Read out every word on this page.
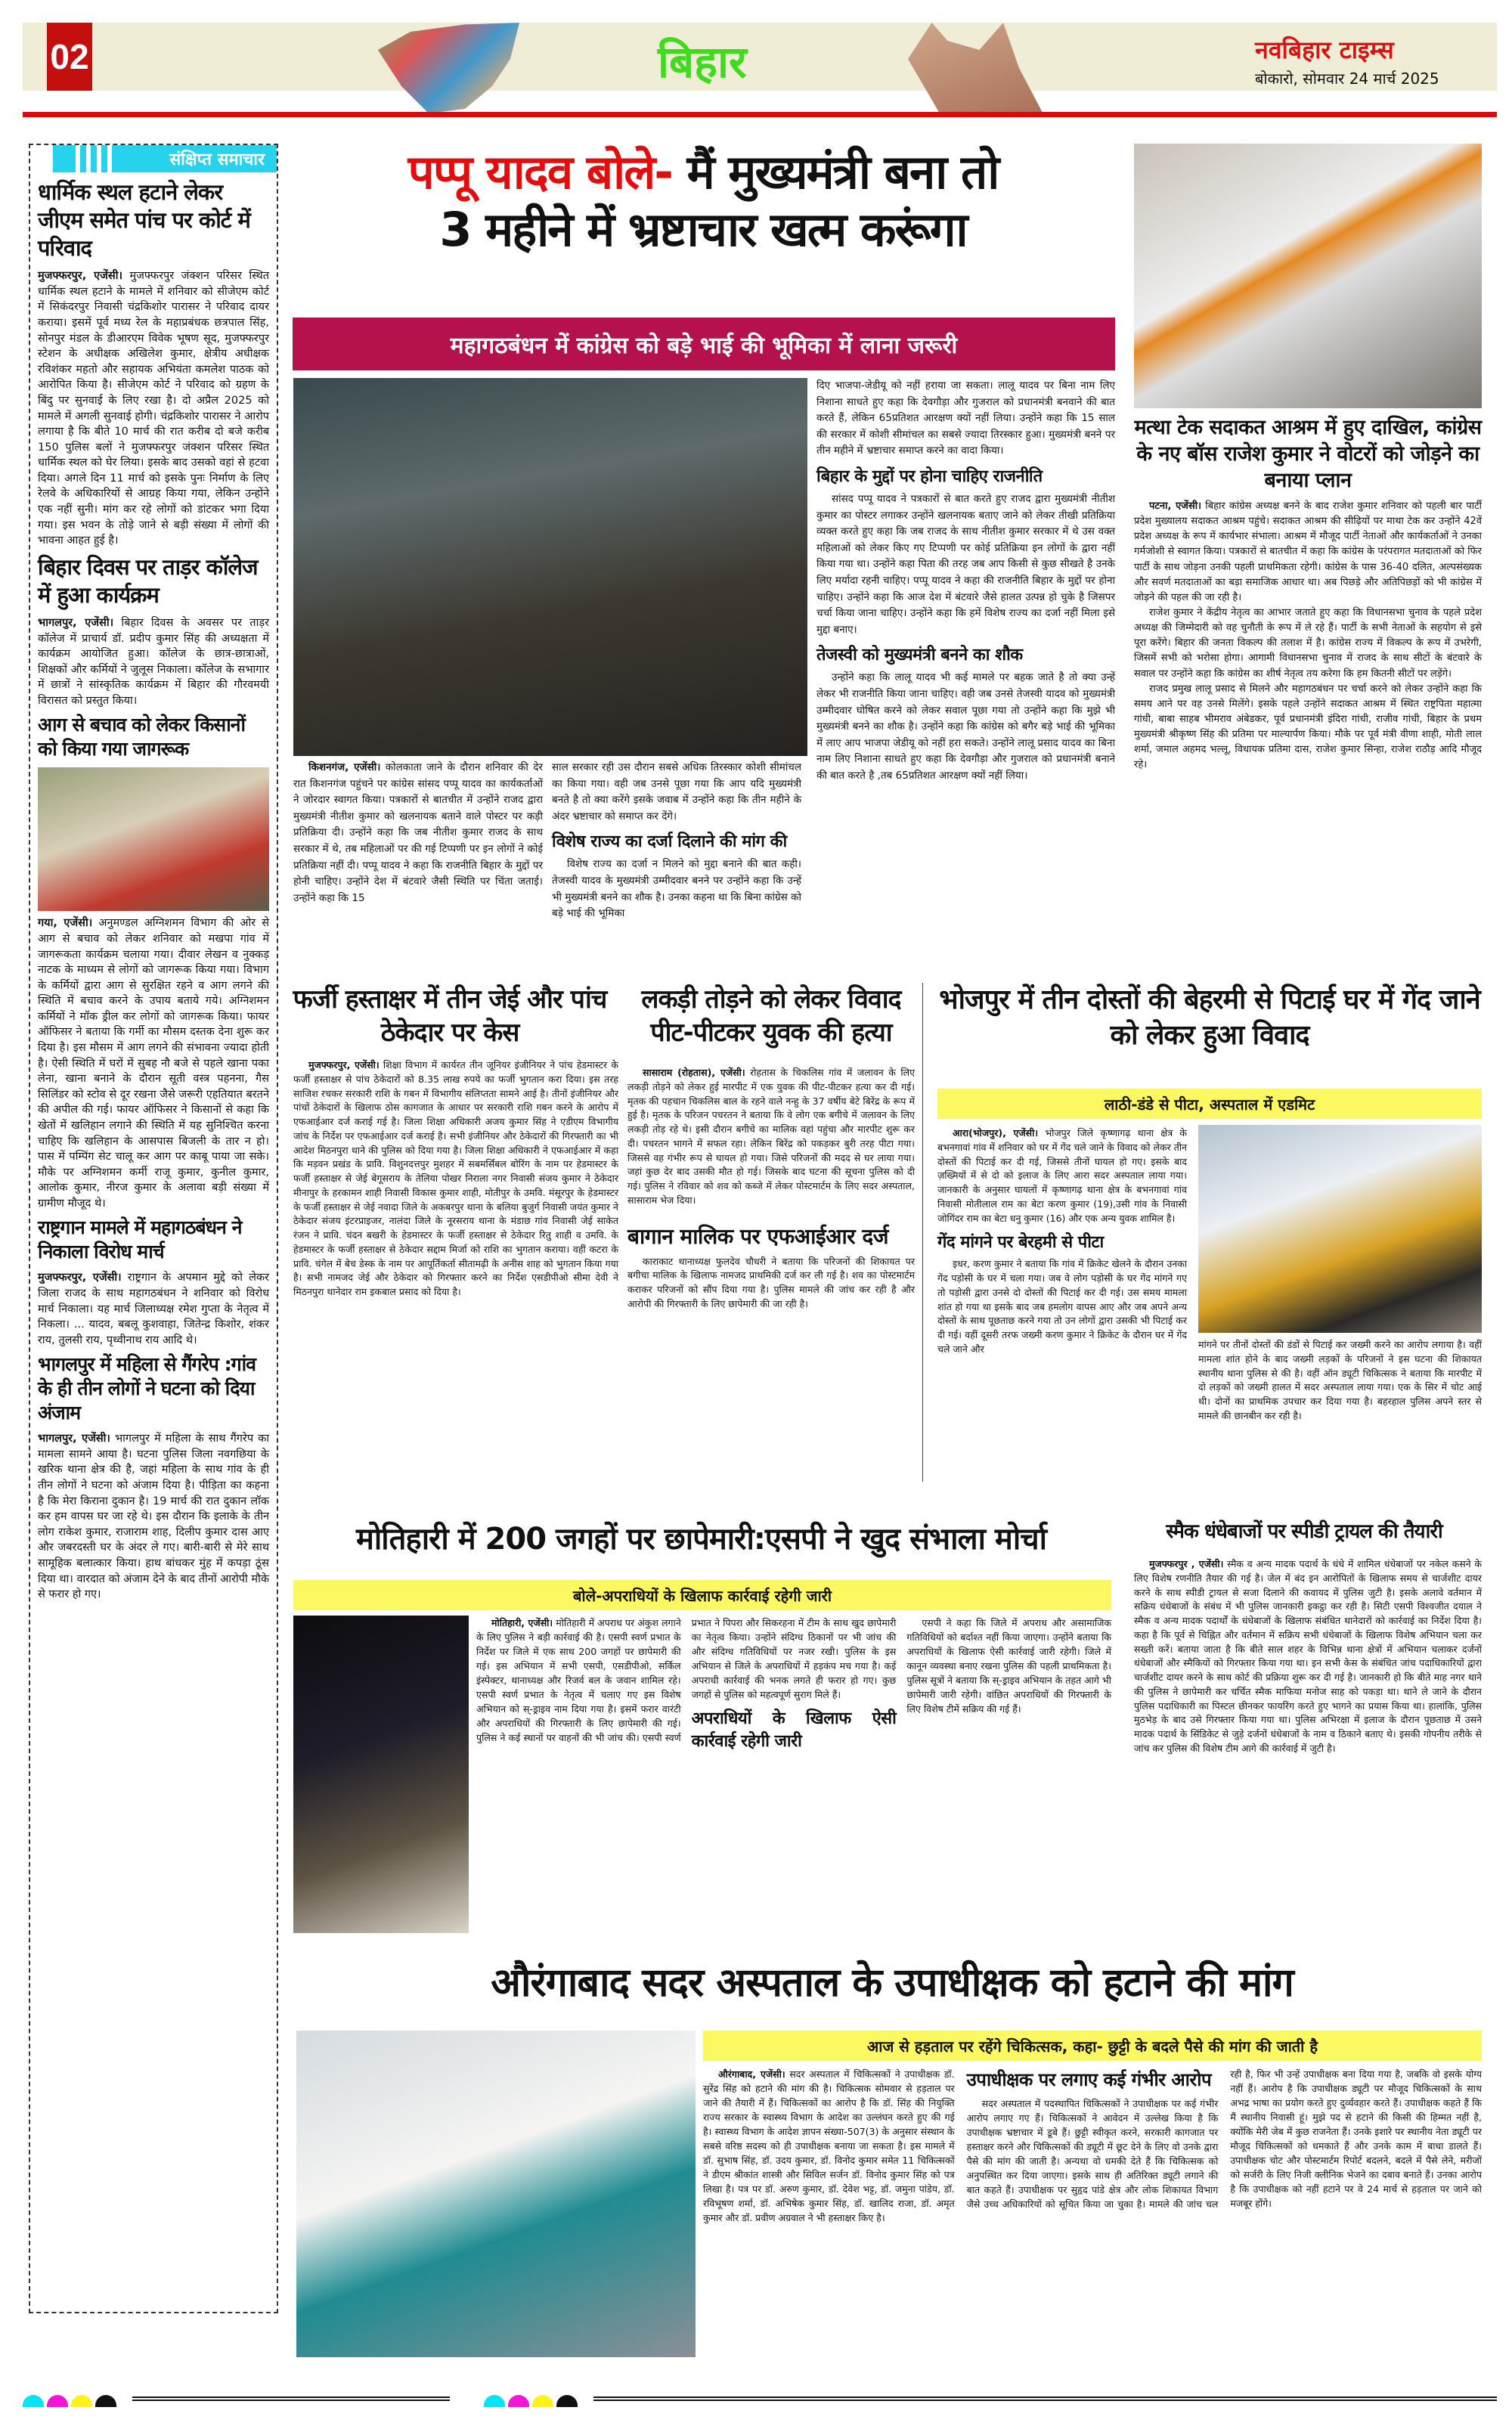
02	बिहार	नवबिहार टाइम्स
बोकारो, सोमवार 24 मार्च 2025
संक्षिप्त समाचार
धार्मिक स्थल हटाने लेकर जीएम समेत पांच पर कोर्ट में परिवाद

मुजफ्फरपुर, एजेंसी। मुजफ्फरपुर जंक्शन परिसर स्थित धार्मिक स्थल हटाने के मामले में शनिवार को सीजेएम कोर्ट में सिकंदरपुर निवासी चंद्रकिशोर पारासर ने परिवाद दायर कराया। इसमें पूर्व मध्य रेल के महाप्रबंधक छत्रपाल सिंह, सोनपुर मंडल के डीआरएम विवेक भूषण सूद, मुजफ्फरपुर स्टेशन के अधीक्षक अखिलेश कुमार, क्षेत्रीय अधीक्षक रविशंकर महतो और सहायक अभियंता कमलेश पाठक को आरोपित किया है। सीजेएम कोर्ट ने परिवाद को ग्रहण के बिंदु पर सुनवाई के लिए रखा है। दो अप्रैल 2025 को मामले में अगली सुनवाई होगी। चंद्रकिशोर पारासर ने आरोप लगाया है कि बीते 10 मार्च की रात करीब दो बजे करीब 150 पुलिस बलों ने मुजफ्फरपुर जंक्शन परिसर स्थित धार्मिक स्थल को घेर लिया। इसके बाद उसको वहां से हटवा दिया। अगले दिन 11 मार्च को इसके पुनः निर्माण के लिए रेलवे के अधिकारियों से आग्रह किया गया, लेकिन उन्होंने एक नहीं सुनी। मांग कर रहे लोगों को डांटकर भगा दिया गया। इस भवन के तोड़े जाने से बड़ी संख्या में लोगों की भावना आहत हुई है।

बिहार दिवस पर ताड़र कॉलेज में हुआ कार्यक्रम

भागलपुर, एजेंसी। बिहार दिवस के अवसर पर ताड़र कॉलेज में प्राचार्य डॉ. प्रदीप कुमार सिंह की अध्यक्षता में कार्यक्रम आयोजित हुआ। कॉलेज के छात्र-छात्राओं, शिक्षकों और कर्मियों ने जुलूस निकाला। कॉलेज के सभागार में छात्रों ने सांस्कृतिक कार्यक्रम में बिहार की गौरवमयी विरासत को प्रस्तुत किया।

आग से बचाव को लेकर किसानों को किया गया जागरूक

गया, एजेंसी। अनुमण्डल अग्निशमन विभाग की ओर से आग से बचाव को लेकर शनिवार को मखपा गांव में जागरूकता कार्यक्रम चलाया गया। दीवार लेखन व नुक्कड़ नाटक के माध्यम से लोगों को जागरूक किया गया। विभाग के कर्मियों द्वारा आग से सुरक्षित रहने व आग लगने की स्थिति में बचाव करने के उपाय बताये गये। अग्निशमन कर्मियों ने मॉक ड्रील कर लोगों को जागरूक किया। फायर ऑफिसर ने बताया कि गर्मी का मौसम दस्तक देना शुरू कर दिया है। इस मौसम में आग लगने की संभावना ज्यादा होती है। ऐसी स्थिति में घरों में सुबह नौ बजे से पहले खाना पका लेना, खाना बनाने के दौरान सूती वस्त्र पहनना, गैस सिलिंडर को स्टोव से दूर रखना जैसे जरूरी एहतियात बरतने की अपील की गई। फायर ऑफिसर ने किसानों से कहा कि खेतों में खलिहान लगाने की स्थिति में यह सुनिश्चित करना चाहिए कि खलिहान के आसपास बिजली के तार न हो। पास में पम्पिंग सेट चालू कर आग पर काबू पाया जा सके। मौके पर अग्निशमन कर्मी राजू कुमार, कुनील कुमार, आलोक कुमार, नीरज कुमार के अलावा बड़ी संख्या में ग्रामीण मौजूद थे।

राष्ट्रगान मामले में महागठबंधन ने निकाला विरोध मार्च

मुजफ्फरपुर, एजेंसी। राष्ट्रगान के अपमान मुद्दे को लेकर जिला राजद के साथ महागठबंधन ने शनिवार को विरोध मार्च निकाला। यह मार्च जिलाध्यक्ष रमेश गुप्ता के नेतृत्व में निकला। ... यादव, बबलू कुशवाहा, जितेन्द्र किशोर, शंकर राय, तुलसी राय, पृथ्वीनाथ राय आदि थे।

भागलपुर में महिला से गैंगरेप :गांव के ही तीन लोगों ने घटना को दिया अंजाम

भागलपुर, एजेंसी। भागलपुर में महिला के साथ गैंगरेप का मामला सामने आया है। घटना पुलिस जिला नवगछिया के खरिक थाना क्षेत्र की है, जहां महिला के साथ गांव के ही तीन लोगों ने घटना को अंजाम दिया है। पीड़िता का कहना है कि मेरा किराना दुकान है। 19 मार्च की रात दुकान लॉक कर हम वापस घर जा रहे थे। इस दौरान कि इलाके के तीन लोग राकेश कुमार, राजाराम शाह, दिलीप कुमार दास आए और जबरदस्ती घर के अंदर ले गए। बारी-बारी से मेरे साथ सामूहिक बलात्कार किया। हाथ बांधकर मुंह में कपड़ा ठूंस दिया था। वारदात को अंजाम देने के बाद तीनों आरोपी मौके से फरार हो गए।

पप्पू यादव बोले- मैं मुख्यमंत्री बना तो
3 महीने में भ्रष्टाचार खत्म करूंगा
महागठबंधन में कांग्रेस को बड़े भाई की भूमिका में लाना जरूरी

दिए भाजपा-जेडीयू को नहीं हराया जा सकता। लालू यादव पर बिना नाम लिए निशाना साधते हुए कहा कि देवगौड़ा और गुजराल को प्रधानमंत्री बनवाने की बात करते हैं, लेकिन 65प्रतिशत आरक्षण क्यों नहीं लिया। उन्होंने कहा कि 15 साल की सरकार में कोशी सीमांचल का सबसे ज्यादा तिरस्कार हुआ। मुख्यमंत्री बनने पर तीन महीने में भ्रष्टाचार समाप्त करने का वादा किया।

बिहार के मुद्दों पर होना चाहिए राजनीति

सांसद पप्पू यादव ने पत्रकारों से बात करते हुए राजद द्वारा मुख्यमंत्री नीतीश कुमार का पोस्टर लगाकर उन्होंने खलनायक बताए जाने को लेकर तीखी प्रतिक्रिया व्यक्त करते हुए कहा कि जब राजद के साथ नीतीश कुमार सरकार में थे उस वक्त महिलाओं को लेकर किए गए टिप्पणी पर कोई प्रतिक्रिया इन लोगों के द्वारा नहीं किया गया था। उन्होंने कहा पिता की तरह जब आप किसी से कुछ सीखते है उनके लिए मर्यादा रहनी चाहिए। पप्पू यादव ने कहा की राजनीति बिहार के मुद्दों पर होना चाहिए। उन्होंने कहा कि आज देश में बंटवारे जैसे हालत उत्पन्न हो चुके है जिसपर चर्चा किया जाना चाहिए। उन्होंने कहा कि हमें विशेष राज्य का दर्जा नहीं मिला इसे मुद्दा बनाए।

तेजस्वी को मुख्यमंत्री बनने का शौक

उन्होंने कहा कि लालू यादव भी कई मामले पर बहक जाते है तो क्या उन्हें लेकर भी राजनीति किया जाना चाहिए। वही जब उनसे तेजस्वी यादव को मुख्यमंत्री उम्मीदवार घोषित करने को लेकर सवाल पूछा गया तो उन्होंने कहा कि मुझे भी मुख्यमंत्री बनने का शौक है। उन्होंने कहा कि कांग्रेस को बगैर बड़े भाई की भूमिका में लाए आप भाजपा जेडीयू को नहीं हरा सकते। उन्होंने लालू प्रसाद यादव का बिना नाम लिए निशाना साधते हुए कहा कि देवगौड़ा और गुजराल को प्रधानमंत्री बनाने की बात करते है ,तब 65प्रतिशत आरक्षण क्यों नहीं लिया।

किशनगंज, एजेंसी। कोलकाता जाने के दौरान शनिवार की देर रात किशनगंज पहुंचने पर कांग्रेस सांसद पप्पू यादव का कार्यकर्ताओं ने जोरदार स्वागत किया। पत्रकारों से बातचीत में उन्होंने राजद द्वारा मुख्यमंत्री नीतीश कुमार को खलनायक बताने वाले पोस्टर पर कड़ी प्रतिक्रिया दी। उन्होंने कहा कि जब नीतीश कुमार राजद के साथ सरकार में थे, तब महिलाओं पर की गई टिप्पणी पर इन लोगों ने कोई प्रतिक्रिया नहीं दी। पप्पू यादव ने कहा कि राजनीति बिहार के मुद्दों पर होनी चाहिए। उन्होंने देश में बंटवारे जैसी स्थिति पर चिंता जताई। उन्होंने कहा कि 15

साल सरकार रही उस दौरान सबसे अधिक तिरस्कार कोशी सीमांचल का किया गया। वही जब उनसे पूछा गया कि आप यदि मुख्यमंत्री बनते है तो क्या करेंगे इसके जवाब में उन्होंने कहा कि तीन महीने के अंदर भ्रष्टाचार को समाप्त कर देंगे।

विशेष राज्य का दर्जा दिलाने की मांग की

विशेष राज्य का दर्जा न मिलने को मुद्दा बनाने की बात कही। तेजस्वी यादव के मुख्यमंत्री उम्मीदवार बनने पर उन्होंने कहा कि उन्हें भी मुख्यमंत्री बनने का शौक है। उनका कहना था कि बिना कांग्रेस को बड़े भाई की भूमिका

मत्था टेक सदाकत आश्रम में हुए दाखिल, कांग्रेस के नए बॉस राजेश कुमार ने वोटरों को जोड़ने का बनाया प्लान

पटना, एजेंसी। बिहार कांग्रेस अध्यक्ष बनने के बाद राजेश कुमार शनिवार को पहली बार पार्टी प्रदेश मुख्यालय सदाकत आश्रम पहुंचे। सदाकत आश्रम की सीढ़ियों पर माथा टेक कर उन्होंने 42वें प्रदेश अध्यक्ष के रूप में कार्यभार संभाला। आश्रम में मौजूद पार्टी नेताओं और कार्यकर्ताओं ने उनका गर्मजोशी से स्वागत किया। पत्रकारों से बातचीत में कहा कि कांग्रेस के परंपरागत मतदाताओं को फिर पार्टी के साथ जोड़ना उनकी पहली प्राथमिकता रहेगी। कांग्रेस के पास 36-40 दलित, अल्पसंख्यक और सवर्ण मतदाताओं का बड़ा समाजिक आधार था। अब पिछड़े और अतिपिछड़ों को भी कांग्रेस में जोड़ने की पहल की जा रही है।

राजेश कुमार ने केंद्रीय नेतृत्व का आभार जताते हुए कहा कि विधानसभा चुनाव के पहले प्रदेश अध्यक्ष की जिम्मेदारी को वह चुनौती के रूप में ले रहे हैं। पार्टी के सभी नेताओं के सहयोग से इसे पूरा करेंगे। बिहार की जनता विकल्प की तलाश में है। कांग्रेस राज्य में विकल्प के रूप में उभरेगी, जिसमें सभी को भरोसा होगा। आगामी विधानसभा चुनाव में राजद के साथ सीटों के बंटवारे के सवाल पर उन्होंने कहा कि कांग्रेस का शीर्ष नेतृत्व तय करेगा कि हम कितनी सीटों पर लड़ेंगे।

राजद प्रमुख लालू प्रसाद से मिलने और महागठबंधन पर चर्चा करने को लेकर उन्होंने कहा कि समय आने पर वह उनसे मिलेंगे। इसके पहले उन्होंने सदाकत आश्रम में स्थित राष्ट्रपिता महात्मा गांधी, बाबा साहब भीमराव अंबेडकर, पूर्व प्रधानमंत्री इंदिरा गांधी, राजीव गांधी, बिहार के प्रथम मुख्यमंत्री श्रीकृष्ण सिंह की प्रतिमा पर माल्यार्पण किया। मौके पर पूर्व मंत्री वीणा शाही, मोती लाल शर्मा, जमाल अहमद भल्लू, विधायक प्रतिमा दास, राजेश कुमार सिन्हा, राजेश राठौड़ आदि मौजूद रहे।

फर्जी हस्ताक्षर में तीन जेई और पांच ठेकेदार पर केस

मुजफ्फरपुर, एजेंसी। शिक्षा विभाग में कार्यरत तीन जूनियर इंजीनियर ने पांच हेडमास्टर के फर्जी हस्ताक्षर से पांच ठेकेदारों को 8.35 लाख रुपये का फर्जी भुगतान करा दिया। इस तरह साजिश रचकर सरकारी राशि के गबन में विभागीय संलिप्तता सामने आई है। तीनों इंजीनियर और पांचों ठेकेदारों के खिलाफ ठोस कागजात के आधार पर सरकारी राशि गबन करने के आरोप में एफआईआर दर्ज कराई गई है। जिला शिक्षा अधिकारी अजय कुमार सिंह ने एडीएम विभागीय जांच के निर्देश पर एफआईआर दर्ज कराई है। सभी इंजीनियर और ठेकेदारों की गिरफ्तारी का भी आदेश मिठनपुरा थाने की पुलिस को दिया गया है। जिला शिक्षा अधिकारी ने एफआईआर में कहा कि मड़वन प्रखंड के प्रावि. विशुनदत्तपुर मुशहर में सबमर्सिबल बोरिंग के नाम पर हेडमास्टर के फर्जी हस्ताक्षर से जेई बेगूसराय के तेलिया पोखर निराला नगर निवासी संजय कुमार ने ठेकेदार मीनापुर के हरकामन शाही निवासी विकास कुमार शाही, मोतीपुर के उमवि. मंसूरपुर के हेडमास्टर के फर्जी हस्ताक्षर से जेई नवादा जिले के अकबरपुर थाना के बलिया बुजुर्ग निवासी जयंत कुमार ने ठेकेदार संजय इंटरप्राइजर, नालंदा जिले के नूरसराय थाना के मंडाछ गांव निवासी जेई साकेत रंजन ने प्रावि. चंदन बखरी के हेडमास्टर के फर्जी हस्ताक्षर से ठेकेदार रितु शाही व उमवि. के हेडमास्टर के फर्जी हस्ताक्षर से ठेकेदार सद्दाम मिर्जा को राशि का भुगतान कराया। वहीं कटरा के प्रावि. चंगेल में बेच डेस्क के नाम पर आपूर्तिकर्ता सीतामढ़ी के अनीस शाह को भुगतान किया गया है। सभी नामजद जेई और ठेकेदार को गिरफ्तार करने का निर्देश एसडीपीओ सीमा देवी ने मिठनपुरा थानेदार राम इकबाल प्रसाद को दिया है।

लकड़ी तोड़ने को लेकर विवाद पीट-पीटकर युवक की हत्या

सासाराम (रोहतास), एजेंसी। रोहतास के चिकलिस गांव में जलावन के लिए लकड़ी तोड़ने को लेकर हुई मारपीट में एक युवक की पीट-पीटकर हत्या कर दी गई। मृतक की पहचान चिकलिस बाल के रहने वाले नन्हु के 37 वर्षीय बेटे बिरेंद्र के रूप में हुई है। मृतक के परिजन पचरतन ने बताया कि वे लोग एक बगीचे में जलावन के लिए लकड़ी तोड़ रहे थे। इसी दौरान बगीचे का मालिक वहां पहुंचा और मारपीट शुरू कर दी। पचरतन भागने में सफल रहा। लेकिन बिरेंद्र को पकड़कर बुरी तरह पीटा गया। जिससे वह गंभीर रूप से घायल हो गया। जिसे परिजनों की मदद से घर लाया गया। जहां कुछ देर बाद उसकी मौत हो गई। जिसके बाद घटना की सूचना पुलिस को दी गई। पुलिस ने रविवार को शव को कब्जे में लेकर पोस्टमार्टम के लिए सदर अस्पताल, सासाराम भेज दिया।

बागान मालिक पर एफआईआर दर्ज

काराकाट थानाध्यक्ष फुलदेव चौधरी ने बताया कि परिजनों की शिकायत पर बगीचा मालिक के खिलाफ नामजद प्राथमिकी दर्ज कर ली गई है। शव का पोस्टमार्टम कराकर परिजनों को सौंप दिया गया है। पुलिस मामले की जांच कर रही है और आरोपी की गिरफ्तारी के लिए छापेमारी की जा रही है।

भोजपुर में तीन दोस्तों की बेहरमी से पिटाई घर में गेंद जाने को लेकर हुआ विवाद
लाठी-डंडे से पीटा, अस्पताल में एडमिट

आरा(भोजपुर), एजेंसी। भोजपुर जिले कृष्णागढ़ थाना क्षेत्र के बभनगावां गांव में शनिवार को घर में गेंद चले जाने के विवाद को लेकर तीन दोस्तों की पिटाई कर दी गई, जिससे तीनों घायल हो गए। इसके बाद ज़ख्मियों में से दो को इलाज के लिए आरा सदर अस्पताल लाया गया। जानकारी के अनुसार घायलों में कृष्णागढ़ थाना क्षेत्र के बभनगावां गांव निवासी मोतीलाल राम का बेटा करण कुमार (19),उसी गांव के निवासी जोगिंदर राम का बेटा धनु कुमार (16) और एक अन्य युवक शामिल है।

गेंद मांगने पर बेरहमी से पीटा

इधर, करण कुमार ने बताया कि गांव में क्रिकेट खेलने के दौरान उनका गेंद पड़ोसी के घर में चला गया। जब वे लोग पड़ोसी के घर गेंद मांगने गए तो पड़ोसी द्वारा उनसे दो दोस्तों की पिटाई कर दी गई। उस समय मामला शांत हो गया था इसके बाद जब हमलोग वापस आए और जब अपने अन्य दोस्तों के साथ पूछताछ करने गया तो उन लोगों द्वारा उसकी भी पिटाई कर दी गई। वहीं दूसरी तरफ जख्मी करण कुमार ने क्रिकेट के दौरान घर में गेंद चले जाने और	मांगने पर तीनों दोस्तों की डंडों से पिटाई कर जख्मी करने का आरोप लगाया है। वहीं मामला शांत होने के बाद जख्मी लड़कों के परिजनों ने इस घटना की शिकायत स्थानीय थाना पुलिस से की है। वहीं ऑन ड्यूटी चिकित्सक ने बताया कि मारपीट में दो लड़कों को जख्मी हालत में सदर अस्पताल लाया गया। एक के सिर में चोट आई थी। दोनों का प्राथमिक उपचार कर दिया गया है। बहरहाल पुलिस अपने स्तर से मामले की छानबीन कर रही है।
मोतिहारी में 200 जगहों पर छापेमारी:एसपी ने खुद संभाला मोर्चा
बोले-अपराधियों के खिलाफ कार्रवाई रहेगी जारी

मोतिहारी, एजेंसी। मोतिहारी में अपराध पर अंकुश लगाने के लिए पुलिस ने बड़ी कार्रवाई की है। एसपी स्वर्ण प्रभात के निर्देश पर जिले में एक साथ 200 जगहों पर छापेमारी की गई। इस अभियान में सभी एसपी, एसडीपीओ, सर्किल इंस्पेक्टर, थानाध्यक्ष और रिजर्व बल के जवान शामिल रहे। एसपी स्वर्ण प्रभात के नेतृत्व में चलाए गए इस विशेष अभियान को स्-ड्राइव नाम दिया गया है। इसमें फरार वारंटी और अपराधियों की गिरफ्तारी के लिए छापेमारी की गई। पुलिस ने कई स्थानों पर वाहनों की भी जांच की। एसपी स्वर्ण प्रभात ने पिपरा और सिकरहना में टीम के साथ खुद छापेमारी का नेतृत्व किया। उन्होंने संदिग्ध ठिकानों पर भी जांच की और संदिग्ध गतिविधियों पर नजर रखी। पुलिस के इस अभियान से जिले के अपराधियों में हड़कंप मच गया है। कई अपराधी कार्रवाई की भनक लगते ही फरार हो गए। कुछ जगहों से पुलिस को महत्वपूर्ण सुराग मिले हैं।

अपराधियों के खिलाफ ऐसी कार्रवाई रहेगी जारी

एसपी ने कहा कि जिले में अपराध और असामाजिक गतिविधियों को बर्दाश्त नहीं किया जाएगा। उन्होंने बताया कि अपराधियों के खिलाफ ऐसी कार्रवाई जारी रहेगी। जिले में कानून व्यवस्था बनाए रखना पुलिस की पहली प्राथमिकता है। पुलिस सूत्रों ने बताया कि स्-ड्राइव अभियान के तहत आगे भी छापेमारी जारी रहेगी। वांछित अपराधियों की गिरफ्तारी के लिए विशेष टीमें सक्रिय की गई हैं।

स्मैक धंधेबाजों पर स्पीडी ट्रायल की तैयारी

मुजफ्फरपुर , एजेंसी। स्मैक व अन्य मादक पदार्थ के धंधे में शामिल धंधेबाजों पर नकेल कसने के लिए विशेष रणनीति तैयार की गई है। जेल में बंद इन आरोपितों के खिलाफ समय से चार्जशीट दायर करने के साथ स्पीडी ट्रायल से सजा दिलाने की कवायद में पुलिस जुटी है। इसके अलावे वर्तमान में सक्रिय धंधेबाजों के संबंध में भी पुलिस जानकारी इकट्ठा कर रही है। सिटी एसपी विश्वजीत दयाल ने स्मैक व अन्य मादक पदार्थों के धंधेबाजों के खिलाफ संबंधित थानेदारों को कार्रवाई का निर्देश दिया है। कहा है कि पूर्व से चिह्नित और वर्तमान में सक्रिय सभी धंधेबाजों के खिलाफ विशेष अभियान चला कर सख्ती करें। बताया जाता है कि बीते साल शहर के विभिन्न थाना क्षेत्रों में अभियान चलाकर दर्जनों धंधेबाजों और स्मैकियों को गिरफ्तार किया गया था। इन सभी केस के संबंधित जांच पदाधिकारियों द्वारा चार्जशीट दायर करने के साथ कोर्ट की प्रक्रिया शुरू कर दी गई है। जानकारी हो कि बीते माह नगर थाने की पुलिस ने छापेमारी कर चर्चित स्मैक माफिया मनोज साह को पकड़ा था। थाने ले जाने के दौरान पुलिस पदाधिकारी का पिस्टल छीनकर फायरिंग करते हुए भागने का प्रयास किया था। हालांकि, पुलिस मुठभेड़ के बाद उसे गिरफ्तार किया गया था। पुलिस अभिरक्षा में इलाज के दौरान पूछताछ में उसने मादक पदार्थ के सिंडिकेट से जुड़े दर्जनों धंधेबाजों के नाम व ठिकाने बताए थे। इसकी गोपनीय तरीके से जांच कर पुलिस की विशेष टीम आगे की कार्रवाई में जुटी है।

औरंगाबाद सदर अस्पताल के उपाधीक्षक को हटाने की मांग
आज से हड़ताल पर रहेंगे चिकित्सक, कहा- छुट्टी के बदले पैसे की मांग की जाती है

औरंगाबाद, एजेंसी। सदर अस्पताल में चिकित्सकों ने उपाधीक्षक डॉ. सुरेंद्र सिंह को हटाने की मांग की है। चिकित्सक सोमवार से हड़ताल पर जाने की तैयारी में हैं। चिकित्सकों का आरोप है कि डॉ. सिंह की नियुक्ति राज्य सरकार के स्वास्थ्य विभाग के आदेश का उल्लंघन करते हुए की गई है। स्वास्थ्य विभाग के आदेश ज्ञापन संख्या-507(3) के अनुसार संस्थान के सबसे वरिष्ठ सदस्य को ही उपाधीक्षक बनाया जा सकता है। इस मामले में डॉ. सुभाष सिंह, डॉ. उदय कुमार, डॉ. विनोद कुमार समेत 11 चिकित्सकों ने डीएम श्रीकांत शास्त्री और सिविल सर्जन डॉ. विनोद कुमार सिंह को पत्र लिखा है। पत्र पर डॉ. अरुण कुमार, डॉ. देवेश भट्ट, डॉ. जमुना पांडेय, डॉ. रविभूषण शर्मा, डॉ. अभिषेक कुमार सिंह, डॉ. खालिद राजा, डॉ. अमृत कुमार और डॉ. प्रवीण अग्रवाल ने भी हस्ताक्षर किए है।

उपाधीक्षक पर लगाए कई गंभीर आरोप

सदर अस्पताल में पदस्थापित चिकित्सकों ने उपाधीक्षक पर कई गंभीर आरोप लगाए गए हैं। चिकित्सकों ने आवेदन में उल्लेख किया है कि उपाधीक्षक भ्रष्टाचार में डूबे हैं। छुट्टी स्वीकृत करने, सरकारी कागजात पर हस्ताक्षर करने और चिकित्सकों की ड्यूटी में छूट देने के लिए वो उनके द्वारा पैसे की मांग की जाती है। अन्यथा वो धमकी देते हैं कि चिकित्सक को अनुपस्थित कर दिया जाएगा। इसके साथ ही अतिरिक्त ड्यूटी लगाने की बात कहते हैं। उपाधीक्षक पर सुहृद पांडे क्षेत्र और लोक शिकायत विभाग जैसे उच्च अधिकारियों को सूचित किया जा चुका है। मामले की जांच चल रही है, फिर भी उन्हें उपाधीक्षक बना दिया गया है, जबकि वो इसके योग्य नहीं हैं। आरोप है कि उपाधीक्षक ड्यूटी पर मौजूद चिकित्सकों के साथ अभद्र भाषा का प्रयोग करते हुए दुर्व्यवहार करते हैं। उपाधीक्षक कहते हैं कि मैं स्थानीय निवासी हूं। मुझे पद से हटाने की किसी की हिम्मत नहीं है, क्योंकि मेरी जेब में कुछ राजनेता हैं। उनके इशारे पर स्थानीय नेता ड्यूटी पर मौजूद चिकित्सकों को धमकाते हैं और उनके काम में बाधा डालते हैं। उपाधीक्षक चोट और पोस्टमार्टम रिपोर्ट बदलने, बदले में पैसे लेने, मरीजों को सर्जरी के लिए निजी क्लीनिक भेजने का दबाव बनाते हैं। उनका आरोप है कि उपाधीक्षक को नहीं हटाने पर वे 24 मार्च से हड़ताल पर जाने को मजबूर होंगे।
